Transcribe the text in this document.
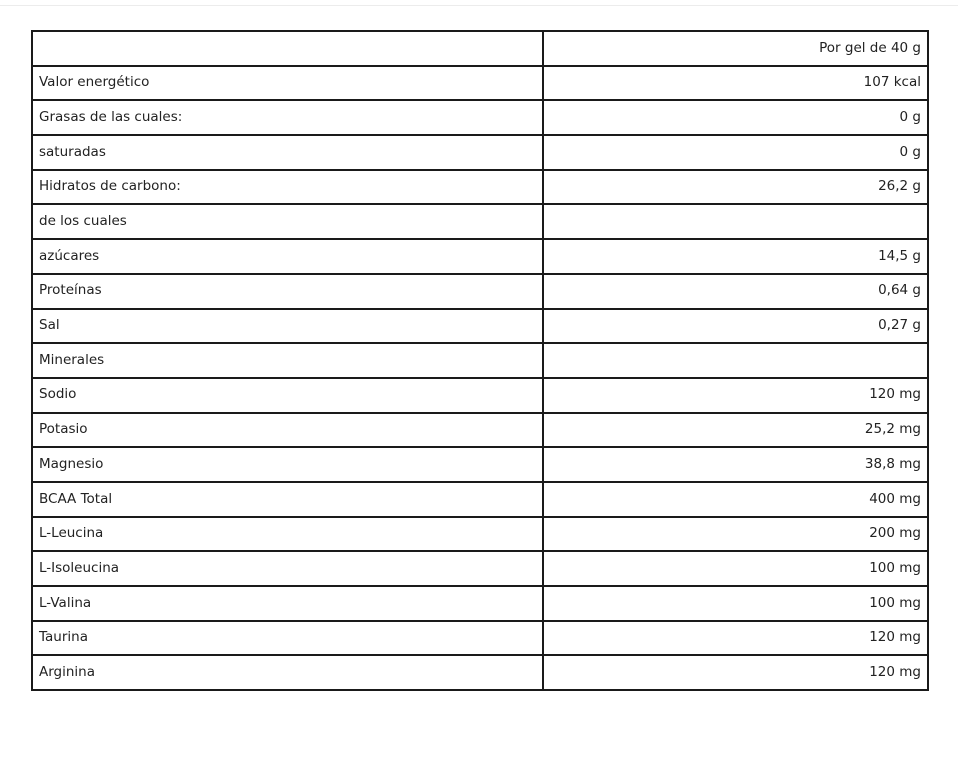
	Por gel de 40 g
Valor energético	107 kcal
Grasas de las cuales:	0 g
saturadas	0 g
Hidratos de carbono:	26,2 g
de los cuales	
azúcares	14,5 g
Proteínas	0,64 g
Sal	0,27 g
Minerales	
Sodio	120 mg
Potasio	25,2 mg
Magnesio	38,8 mg
BCAA Total	400 mg
L-Leucina	200 mg
L-Isoleucina	100 mg
L-Valina	100 mg
Taurina	120 mg
Arginina	120 mg
